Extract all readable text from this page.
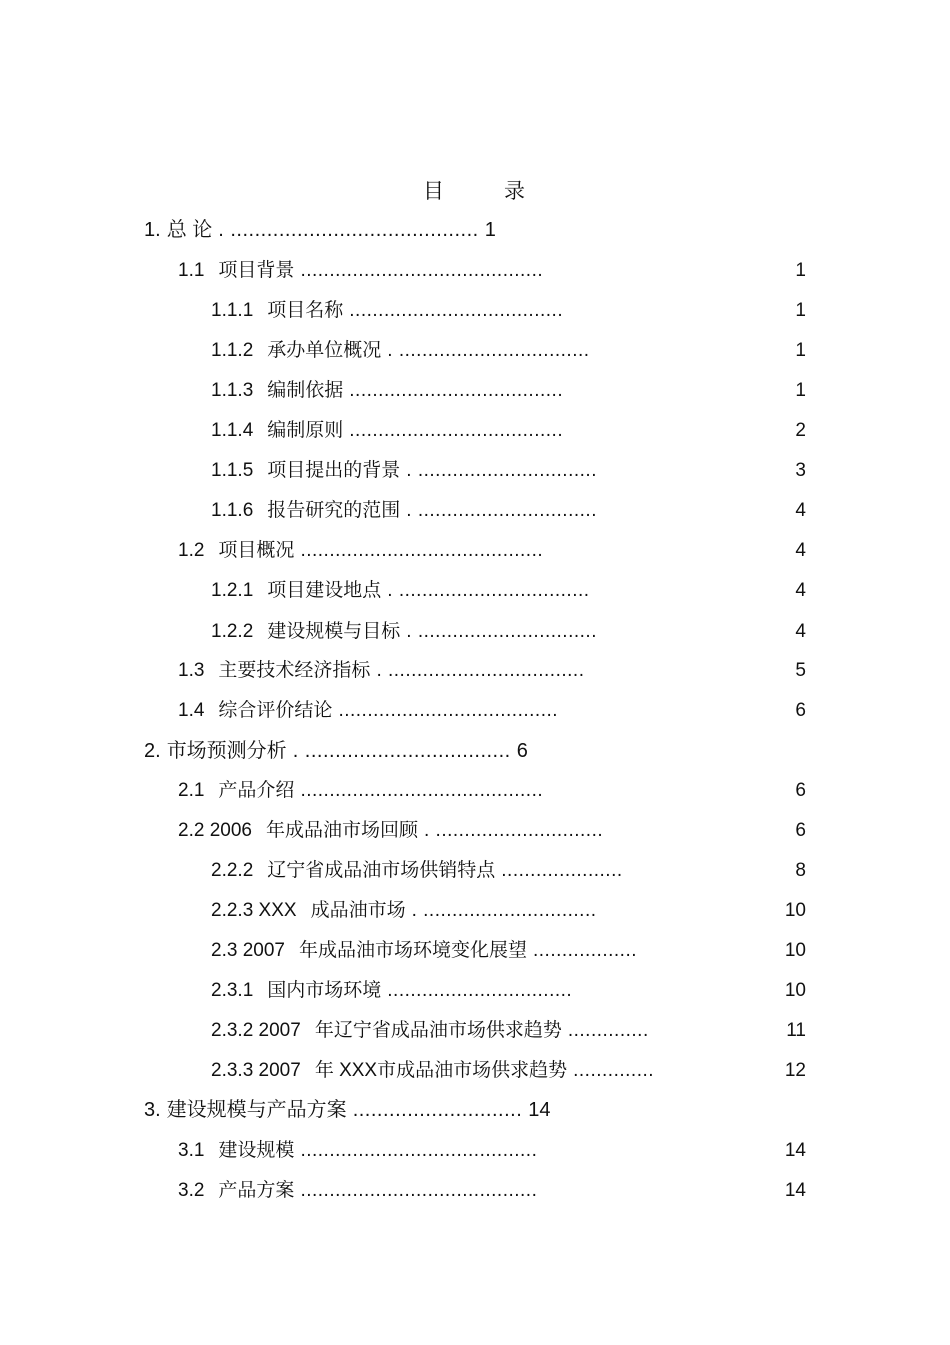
目	录
1. 总 论 . ......................................... 1
1.1 项目背景 ..........................................	1
1.1.1 项目名称 .....................................	1
1.1.2 承办单位概况 . .................................	1
1.1.3 编制依据 .....................................	1
1.1.4 编制原则 .....................................	2
1.1.5 项目提出的背景 . ...............................	3
1.1.6 报告研究的范围 . ...............................	4
1.2 项目概况 ..........................................	4
1.2.1 项目建设地点 . .................................	4
1.2.2 建设规模与目标 . ...............................	4
1.3 主要技术经济指标 . ..................................	5
1.4 综合评价结论 ......................................	6
2. 市场预测分析 . .................................. 6
2.1 产品介绍 ..........................................	6
2.2 2006 年成品油市场回顾 . .............................	6
2.2.2 辽宁省成品油市场供销特点 .....................	8
2.2.3 XXX 成品油市场 . ..............................	10
2.3 2007 年成品油市场环境变化展望 ..................	10
2.3.1 国内市场环境 ................................	10
2.3.2 2007 年辽宁省成品油市场供求趋势 ..............	11
2.3.3 2007 年 XXX市成品油市场供求趋势 ..............	12
3. 建设规模与产品方案 ............................ 14
3.1 建设规模 .........................................	14
3.2 产品方案 .........................................	14
